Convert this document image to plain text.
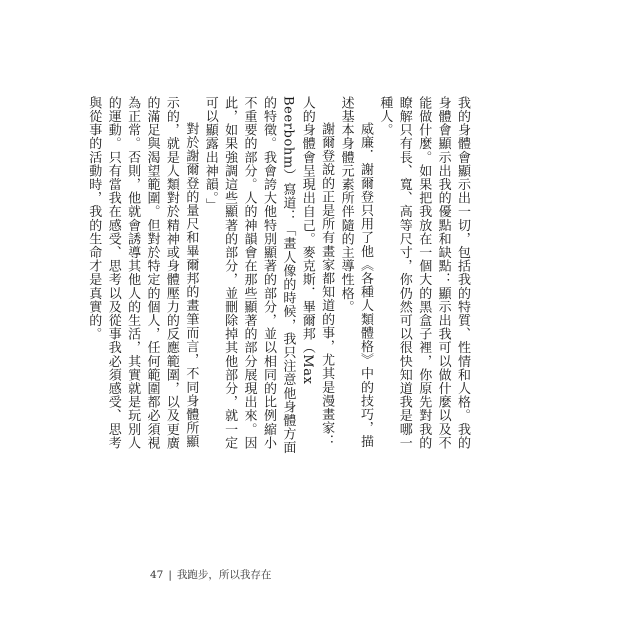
我的身體會顯示出一切，包括我的特質、性情和人格。我的身體會顯示出我的優點和缺點：顯示出我可以做什麼以及不能做什麼。如果把我放在一個大的黑盒子裡，你原先對我的瞭解只有長、寬、高等尺寸，你仍然可以很快知道我是哪一種人。

威廉．謝爾登只用了他《各種人類體格》中的技巧，描述基本身體元素所伴隨的主導性格。

謝爾登說的正是所有畫家都知道的事，尤其是漫畫家：人的身體會呈現出自己。麥克斯．畢爾邦（Max Beerbohm）寫道：「畫人像的時候，我只注意他身體方面的特徵。我會誇大他特別顯著的部分，並以相同的比例縮小不重要的部分。人的神韻會在那些顯著的部分展現出來。因此，如果強調這些顯著的部分，並刪除掉其他部分，就一定可以顯露出神韻。」

對於謝爾登的量尺和畢爾邦的畫筆而言，不同身體所顯示的，就是人類對於精神或身體壓力的反應範圍，以及更廣的滿足與渴望範圍。但對於特定的個人，任何範圍都必須視為正常。否則，他就會誘導其他人的生活，其實就是玩別人的運動。只有當我在感受、思考以及從事我必須感受、思考與從事的活動時，我的生命才是真實的。

47 | 我跑步，所以我存在
